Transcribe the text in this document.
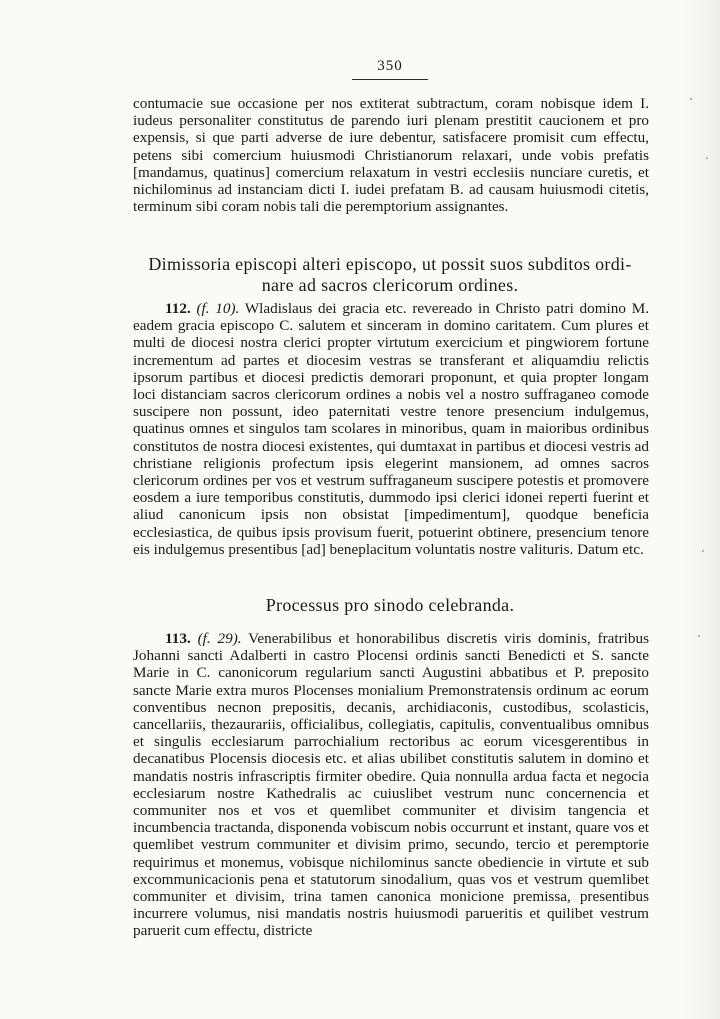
350

contumacie sue occasione per nos extiterat subtractum, coram nobisque idem I. iudeus personaliter constitutus de parendo iuri plenam prestitit caucionem et pro expensis, si que parti adverse de iure debentur, satisfacere promisit cum effectu, petens sibi comercium huiusmodi Christianorum relaxari, unde vobis prefatis [mandamus, quatinus] comercium relaxatum in vestri ecclesiis nunciare curetis, et nichilominus ad instanciam dicti I. iudei prefatam B. ad causam huiusmodi citetis, terminum sibi coram nobis tali die peremptorium assignantes.

Dimissoria episcopi alteri episcopo, ut possit suos subditos ordi-
nare ad sacros clericorum ordines.

112. (f. 10). Wladislaus dei gracia etc. revereado in Christo patri domino M. eadem gracia episcopo C. salutem et sinceram in domino caritatem. Cum plures et multi de diocesi nostra clerici propter virtutum exercicium et pingwiorem fortune incrementum ad partes et diocesim vestras se transferant et aliquamdiu relictis ipsorum partibus et diocesi predictis demorari proponunt, et quia propter longam loci distanciam sacros clericorum ordines a nobis vel a nostro suffraganeo comode suscipere non possunt, ideo paternitati vestre tenore presencium indulgemus, quatinus omnes et singulos tam scolares in minoribus, quam in maioribus ordinibus constitutos de nostra diocesi existentes, qui dumtaxat in partibus et diocesi vestris ad christiane religionis profectum ipsis elegerint mansionem, ad omnes sacros clericorum ordines per vos et vestrum suffraganeum suscipere potestis et promovere eosdem a iure temporibus constitutis, dummodo ipsi clerici idonei reperti fuerint et aliud canonicum ipsis non obsistat [impedimentum], quodque beneficia ecclesiastica, de quibus ipsis provisum fuerit, potuerint obtinere, presencium tenore eis indulgemus presentibus [ad] beneplacitum voluntatis nostre valituris. Datum etc.

Processus pro sinodo celebranda.

113. (f. 29). Venerabilibus et honorabilibus discretis viris dominis, fratribus Johanni sancti Adalberti in castro Plocensi ordinis sancti Benedicti et S. sancte Marie in C. canonicorum regularium sancti Augustini abbatibus et P. preposito sancte Marie extra muros Plocenses monialium Premonstratensis ordinum ac eorum conventibus necnon prepositis, decanis, archidiaconis, custodibus, scolasticis, cancellariis, thezaurariis, officialibus, collegiatis, capitulis, conventualibus omnibus et singulis ecclesiarum parrochialium rectoribus ac eorum vicesgerentibus in decanatibus Plocensis diocesis etc. et alias ubilibet constitutis salutem in domino et mandatis nostris infrascriptis firmiter obedire. Quia nonnulla ardua facta et negocia ecclesiarum nostre Kathedralis ac cuiuslibet vestrum nunc concernencia et communiter nos et vos et quemlibet communiter et divisim tangencia et incumbencia tractanda, disponenda vobiscum nobis occurrunt et instant, quare vos et quemlibet vestrum communiter et divisim primo, secundo, tercio et peremptorie requirimus et monemus, vobisque nichilominus sancte obediencie in virtute et sub excommunicacionis pena et statutorum sinodalium, quas vos et vestrum quemlibet communiter et divisim, trina tamen canonica monicione premissa, presentibus incurrere volumus, nisi mandatis nostris huiusmodi parueritis et quilibet vestrum paruerit cum effectu, districte
